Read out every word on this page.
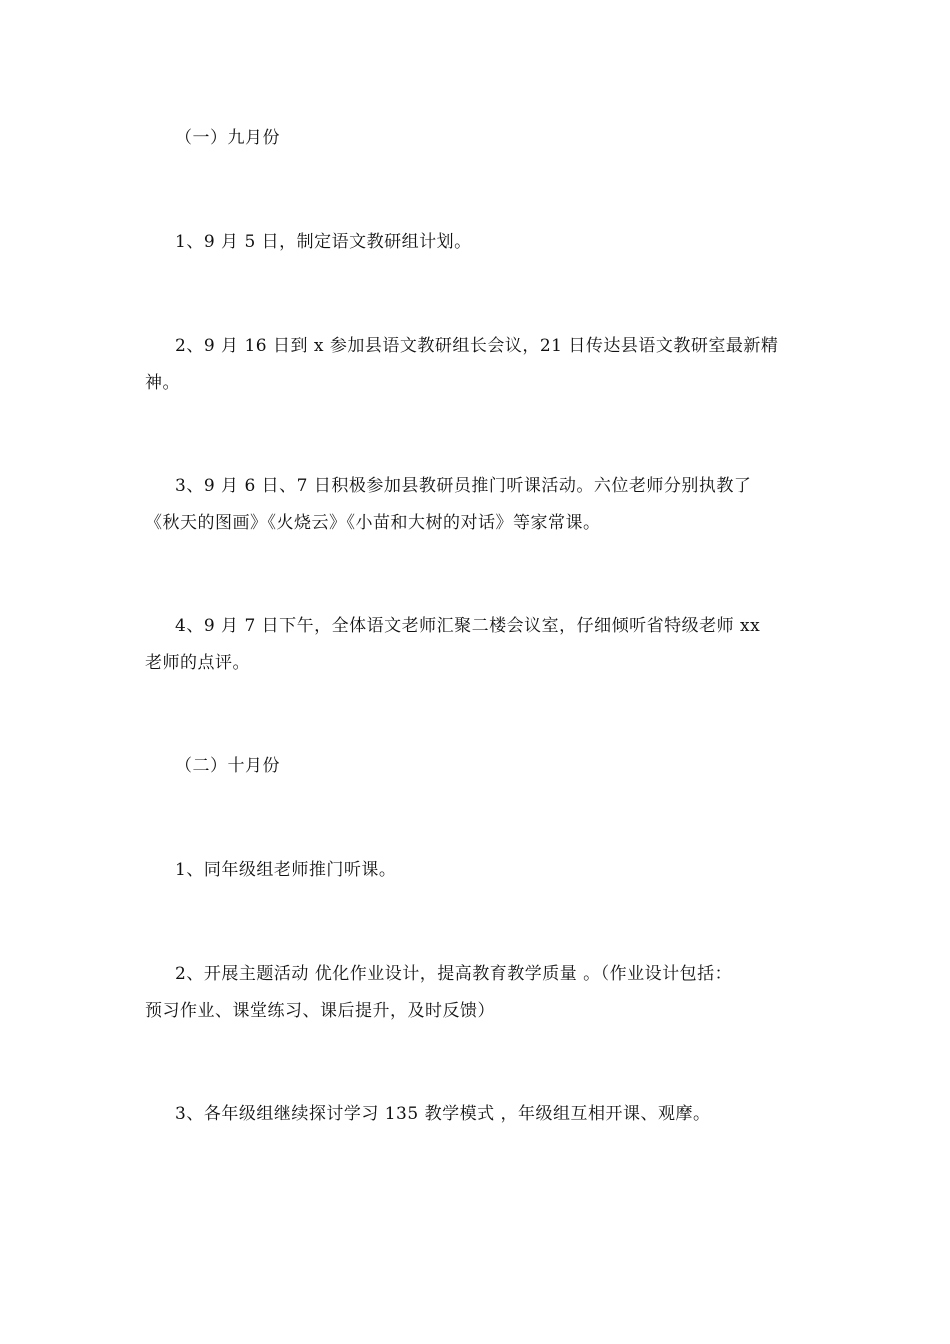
（一）九月份
1、9 月 5 日，制定语文教研组计划。
2、9 月 16 日到 x 参加县语文教研组长会议，21 日传达县语文教研室最新精
神。
3、9 月 6 日、7 日积极参加县教研员推门听课活动。六位老师分别执教了
《秋天的图画》《火烧云》《小苗和大树的对话》等家常课。
4、9 月 7 日下午，全体语文老师汇聚二楼会议室，仔细倾听省特级老师 xx
老师的点评。
（二）十月份
1、同年级组老师推门听课。
2、开展主题活动 优化作业设计，提高教育教学质量 。（作业设计包括：
预习作业、课堂练习、课后提升，及时反馈）
3、各年级组继续探讨学习 135 教学模式 ，年级组互相开课、观摩。
